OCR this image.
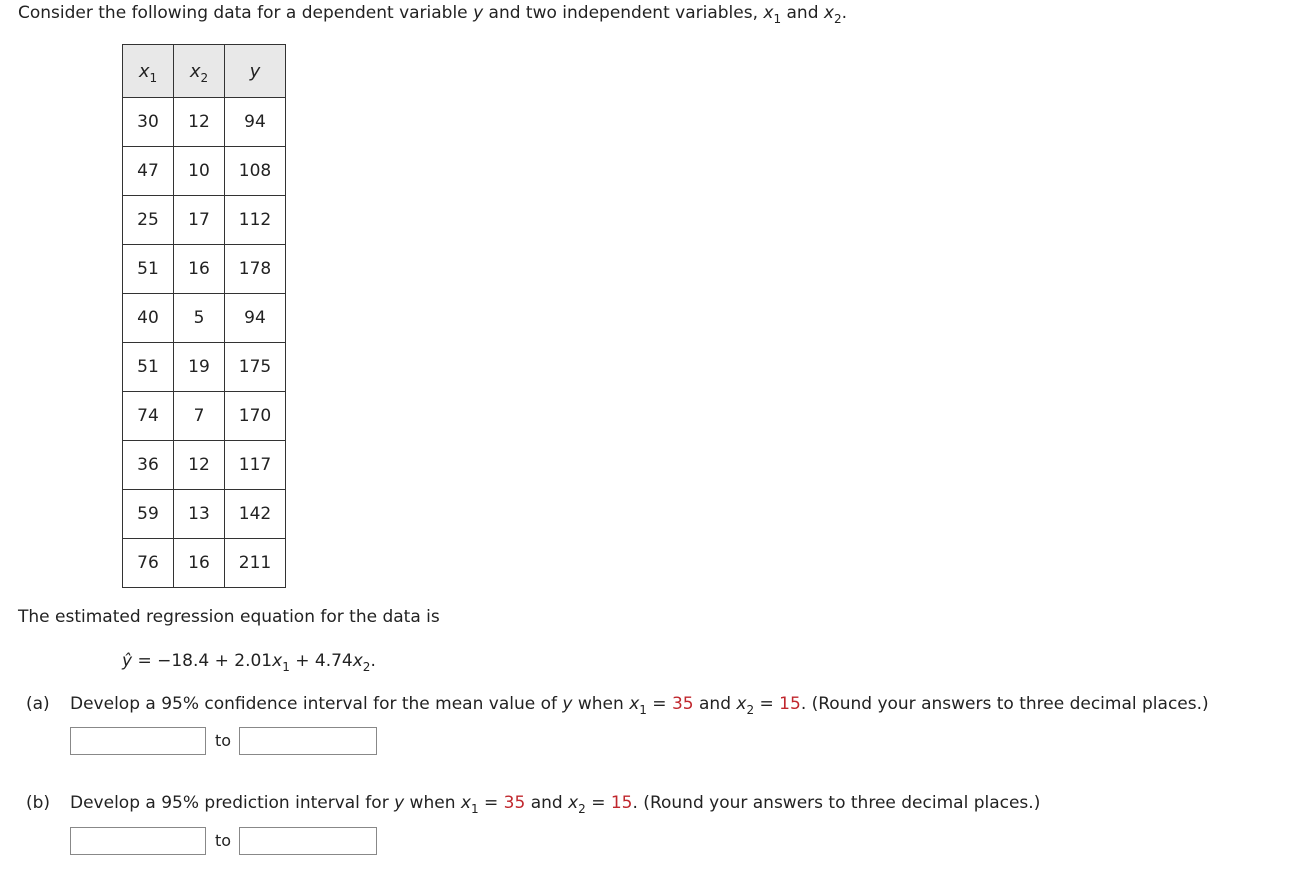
Consider the following data for a dependent variable y and two independent variables, $x_1$ and $x_2$.
$x_1$	$x_2$	y
30	12	94
47	10	108
25	17	112
51	16	178
40	5	94
51	19	175
74	7	170
36	12	117
59	13	142
76	16	211
The estimated regression equation for the data is
ŷ = $-18.4 + 2.01x_1 + 4.74x_2$.
(a) Develop a 95% confidence interval for the mean value of y when $x_1 = 35$ and $x_2 = 15$. (Round your answers to three decimal places.)
to
(b) Develop a 95% prediction interval for y when $x_1 = 35$ and $x_2 = 15$. (Round your answers to three decimal places.)
to
